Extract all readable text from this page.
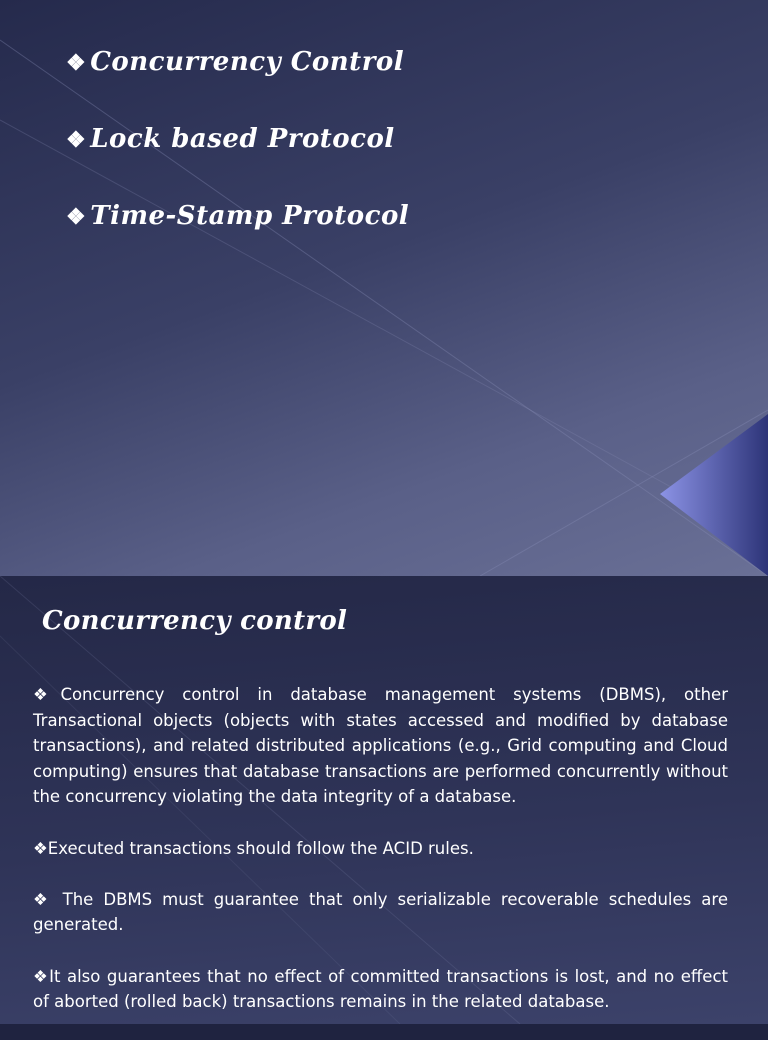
❖ Concurrency Control
❖ Lock based Protocol
❖ Time-Stamp Protocol
Concurrency control

❖Concurrency control in database management systems (DBMS), other Transactional objects (objects with states accessed and modified by database transactions), and related distributed applications (e.g., Grid computing and Cloud computing) ensures that database transactions are performed concurrently without the concurrency violating the data integrity of a database.

❖Executed transactions should follow the ACID rules.

❖ The DBMS must guarantee that only serializable recoverable schedules are generated.

❖It also guarantees that no effect of committed transactions is lost, and no effect of aborted (rolled back) transactions remains in the related database.
